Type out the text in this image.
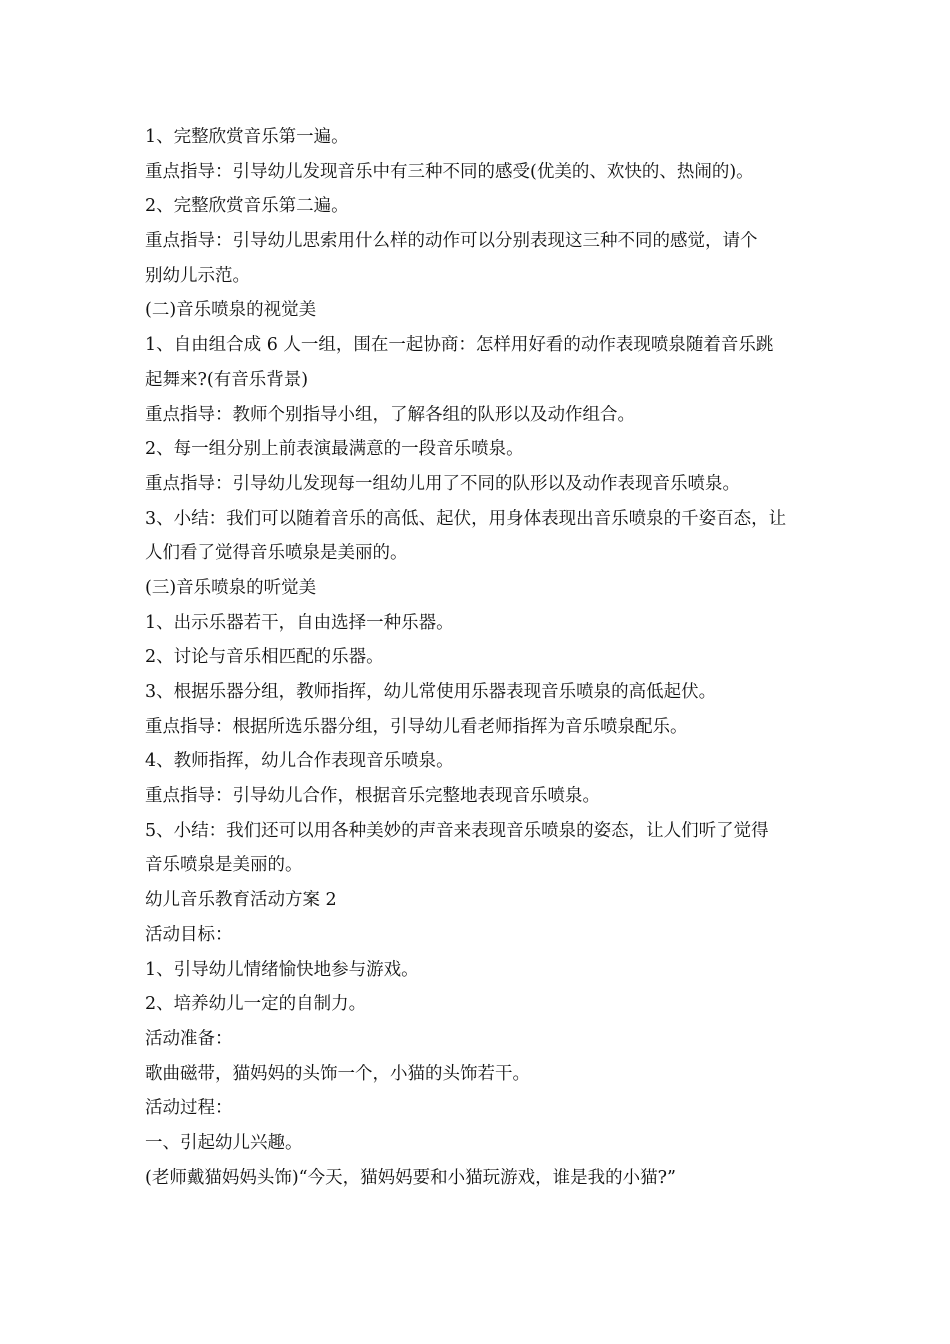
1、完整欣赏音乐第一遍。
重点指导：引导幼儿发现音乐中有三种不同的感受(优美的、欢快的、热闹的)。
2、完整欣赏音乐第二遍。
重点指导：引导幼儿思索用什么样的动作可以分别表现这三种不同的感觉，请个
别幼儿示范。
(二)音乐喷泉的视觉美
1、自由组合成 6 人一组，围在一起协商：怎样用好看的动作表现喷泉随着音乐跳
起舞来?(有音乐背景)
重点指导：教师个别指导小组，了解各组的队形以及动作组合。
2、每一组分别上前表演最满意的一段音乐喷泉。
重点指导：引导幼儿发现每一组幼儿用了不同的队形以及动作表现音乐喷泉。
3、小结：我们可以随着音乐的高低、起伏，用身体表现出音乐喷泉的千姿百态，让
人们看了觉得音乐喷泉是美丽的。
(三)音乐喷泉的听觉美
1、出示乐器若干，自由选择一种乐器。
2、讨论与音乐相匹配的乐器。
3、根据乐器分组，教师指挥，幼儿常使用乐器表现音乐喷泉的高低起伏。
重点指导：根据所选乐器分组，引导幼儿看老师指挥为音乐喷泉配乐。
4、教师指挥，幼儿合作表现音乐喷泉。
重点指导：引导幼儿合作，根据音乐完整地表现音乐喷泉。
5、小结：我们还可以用各种美妙的声音来表现音乐喷泉的姿态，让人们听了觉得
音乐喷泉是美丽的。
幼儿音乐教育活动方案 2
活动目标：
1、引导幼儿情绪愉快地参与游戏。
2、培养幼儿一定的自制力。
活动准备：
歌曲磁带，猫妈妈的头饰一个，小猫的头饰若干。
活动过程：
一、引起幼儿兴趣。
(老师戴猫妈妈头饰)“今天，猫妈妈要和小猫玩游戏，谁是我的小猫?”
